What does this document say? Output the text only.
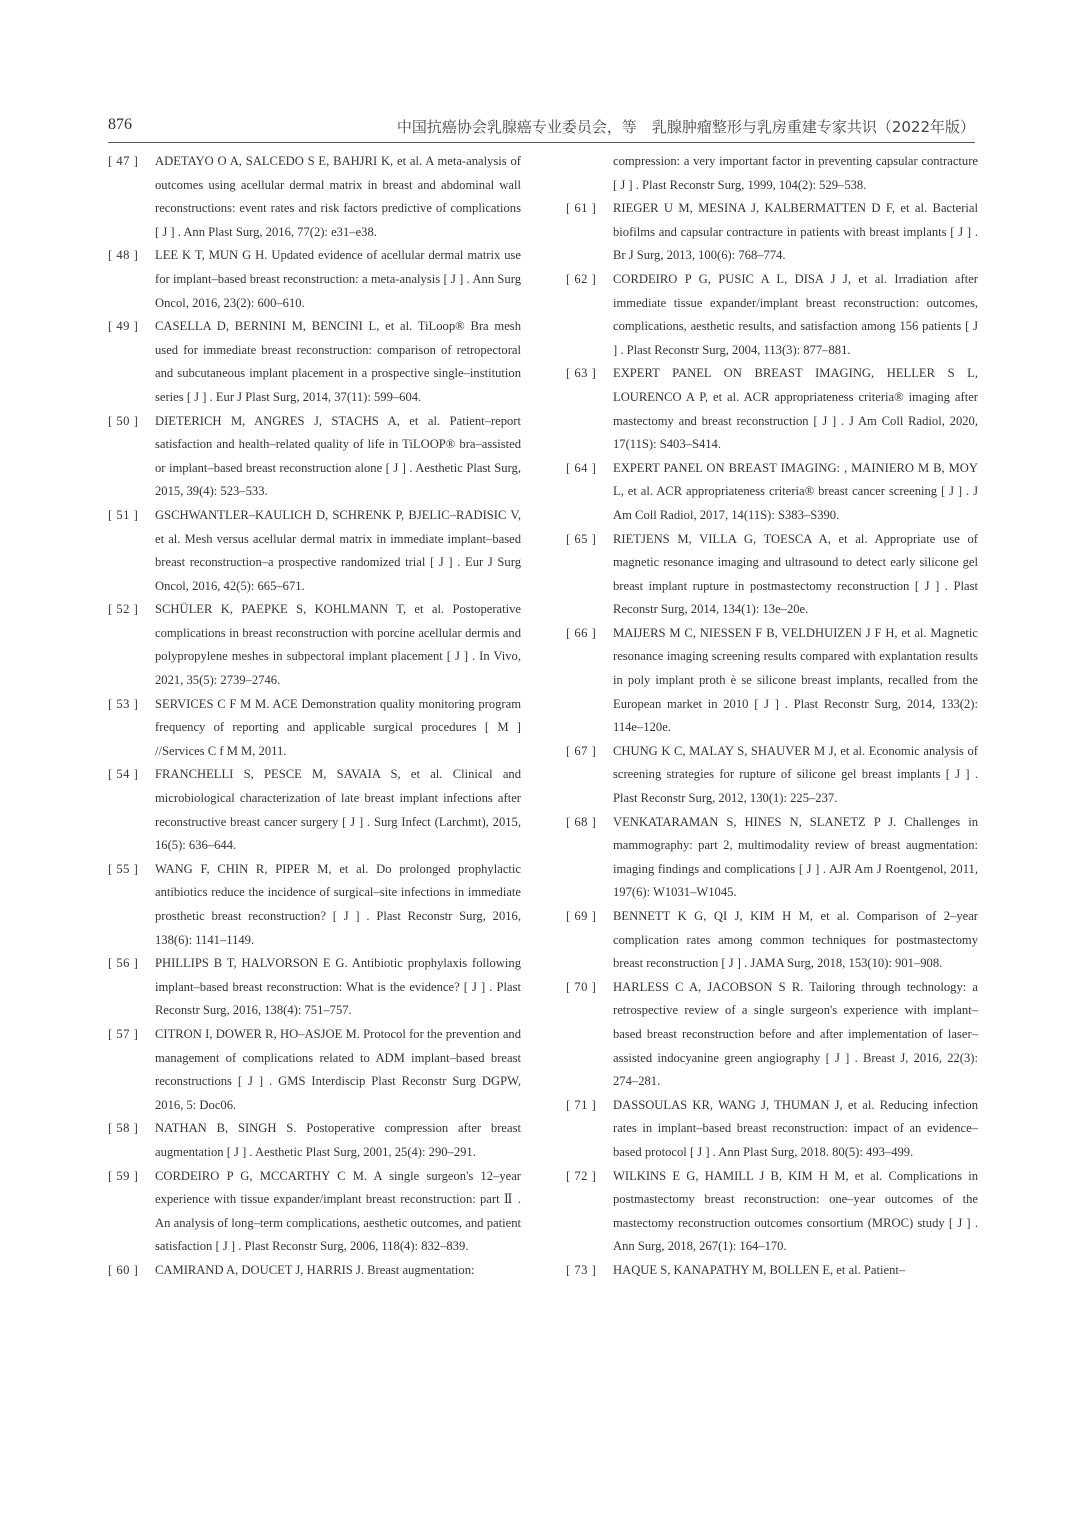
876	中国抗癌协会乳腺癌专业委员会，等　乳腺肿瘤整形与乳房重建专家共识（2022年版）
[ 47 ] ADETAYO O A, SALCEDO S E, BAHJRI K, et al. A meta-analysis of outcomes using acellular dermal matrix in breast and abdominal wall reconstructions: event rates and risk factors predictive of complications [ J ] . Ann Plast Surg, 2016, 77(2): e31–e38.
[ 48 ] LEE K T, MUN G H. Updated evidence of acellular dermal matrix use for implant–based breast reconstruction: a meta-analysis [ J ] . Ann Surg Oncol, 2016, 23(2): 600–610.
[ 49 ] CASELLA D, BERNINI M, BENCINI L, et al. TiLoop® Bra mesh used for immediate breast reconstruction: comparison of retropectoral and subcutaneous implant placement in a prospective single–institution series [ J ] . Eur J Plast Surg, 2014, 37(11): 599–604.
[ 50 ] DIETERICH M, ANGRES J, STACHS A, et al. Patient–report satisfaction and health–related quality of life in TiLOOP® bra–assisted or implant–based breast reconstruction alone [ J ] . Aesthetic Plast Surg, 2015, 39(4): 523–533.
[ 51 ] GSCHWANTLER–KAULICH D, SCHRENK P, BJELIC–RADISIC V, et al. Mesh versus acellular dermal matrix in immediate implant–based breast reconstruction–a prospective randomized trial [ J ] . Eur J Surg Oncol, 2016, 42(5): 665–671.
[ 52 ] SCHÜLER K, PAEPKE S, KOHLMANN T, et al. Postoperative complications in breast reconstruction with porcine acellular dermis and polypropylene meshes in subpectoral implant placement [ J ] . In Vivo, 2021, 35(5): 2739–2746.
[ 53 ] SERVICES C F M M. ACE Demonstration quality monitoring program frequency of reporting and applicable surgical procedures [ M ] //Services C f M M, 2011.
[ 54 ] FRANCHELLI S, PESCE M, SAVAIA S, et al. Clinical and microbiological characterization of late breast implant infections after reconstructive breast cancer surgery [ J ] . Surg Infect (Larchmt), 2015, 16(5): 636–644.
[ 55 ] WANG F, CHIN R, PIPER M, et al. Do prolonged prophylactic antibiotics reduce the incidence of surgical–site infections in immediate prosthetic breast reconstruction? [ J ] . Plast Reconstr Surg, 2016, 138(6): 1141–1149.
[ 56 ] PHILLIPS B T, HALVORSON E G. Antibiotic prophylaxis following implant–based breast reconstruction: What is the evidence? [ J ] . Plast Reconstr Surg, 2016, 138(4): 751–757.
[ 57 ] CITRON I, DOWER R, HO–ASJOE M. Protocol for the prevention and management of complications related to ADM implant–based breast reconstructions [ J ] . GMS Interdiscip Plast Reconstr Surg DGPW, 2016, 5: Doc06.
[ 58 ] NATHAN B, SINGH S. Postoperative compression after breast augmentation [ J ] . Aesthetic Plast Surg, 2001, 25(4): 290–291.
[ 59 ] CORDEIRO P G, MCCARTHY C M. A single surgeon's 12–year experience with tissue expander/implant breast reconstruction: part Ⅱ . An analysis of long–term complications, aesthetic outcomes, and patient satisfaction [ J ] . Plast Reconstr Surg, 2006, 118(4): 832–839.
[ 60 ] CAMIRAND A, DOUCET J, HARRIS J. Breast augmentation:
compression: a very important factor in preventing capsular contracture [ J ] . Plast Reconstr Surg, 1999, 104(2): 529–538.
[ 61 ] RIEGER U M, MESINA J, KALBERMATTEN D F, et al. Bacterial biofilms and capsular contracture in patients with breast implants [ J ] . Br J Surg, 2013, 100(6): 768–774.
[ 62 ] CORDEIRO P G, PUSIC A L, DISA J J, et al. Irradiation after immediate tissue expander/implant breast reconstruction: outcomes, complications, aesthetic results, and satisfaction among 156 patients [ J ] . Plast Reconstr Surg, 2004, 113(3): 877–881.
[ 63 ] EXPERT PANEL ON BREAST IMAGING, HELLER S L, LOURENCO A P, et al. ACR appropriateness criteria® imaging after mastectomy and breast reconstruction [ J ] . J Am Coll Radiol, 2020, 17(11S): S403–S414.
[ 64 ] EXPERT PANEL ON BREAST IMAGING: , MAINIERO M B, MOY L, et al. ACR appropriateness criteria® breast cancer screening [ J ] . J Am Coll Radiol, 2017, 14(11S): S383–S390.
[ 65 ] RIETJENS M, VILLA G, TOESCA A, et al. Appropriate use of magnetic resonance imaging and ultrasound to detect early silicone gel breast implant rupture in postmastectomy reconstruction [ J ] . Plast Reconstr Surg, 2014, 134(1): 13e–20e.
[ 66 ] MAIJERS M C, NIESSEN F B, VELDHUIZEN J F H, et al. Magnetic resonance imaging screening results compared with explantation results in poly implant proth è se silicone breast implants, recalled from the European market in 2010 [ J ] . Plast Reconstr Surg, 2014, 133(2): 114e–120e.
[ 67 ] CHUNG K C, MALAY S, SHAUVER M J, et al. Economic analysis of screening strategies for rupture of silicone gel breast implants [ J ] . Plast Reconstr Surg, 2012, 130(1): 225–237.
[ 68 ] VENKATARAMAN S, HINES N, SLANETZ P J. Challenges in mammography: part 2, multimodality review of breast augmentation: imaging findings and complications [ J ] . AJR Am J Roentgenol, 2011, 197(6): W1031–W1045.
[ 69 ] BENNETT K G, QI J, KIM H M, et al. Comparison of 2–year complication rates among common techniques for postmastectomy breast reconstruction [ J ] . JAMA Surg, 2018, 153(10): 901–908.
[ 70 ] HARLESS C A, JACOBSON S R. Tailoring through technology: a retrospective review of a single surgeon's experience with implant–based breast reconstruction before and after implementation of laser–assisted indocyanine green angiography [ J ] . Breast J, 2016, 22(3): 274–281.
[ 71 ] DASSOULAS KR, WANG J, THUMAN J, et al. Reducing infection rates in implant–based breast reconstruction: impact of an evidence–based protocol [ J ] . Ann Plast Surg, 2018. 80(5): 493–499.
[ 72 ] WILKINS E G, HAMILL J B, KIM H M, et al. Complications in postmastectomy breast reconstruction: one–year outcomes of the mastectomy reconstruction outcomes consortium (MROC) study [ J ] . Ann Surg, 2018, 267(1): 164–170.
[ 73 ] HAQUE S, KANAPATHY M, BOLLEN E, et al. Patient–
